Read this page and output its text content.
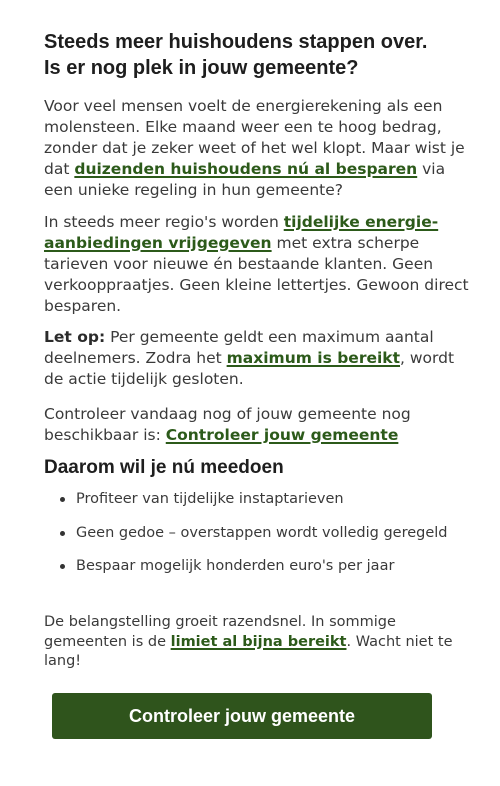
Steeds meer huishoudens stappen over.
Is er nog plek in jouw gemeente?

Voor veel mensen voelt de energierekening als een molensteen. Elke maand weer een te hoog bedrag, zonder dat je zeker weet of het wel klopt. Maar wist je dat duizenden huishoudens nú al besparen via een unieke regeling in hun gemeente?

In steeds meer regio's worden tijdelijke energie-aanbiedingen vrijgegeven met extra scherpe tarieven voor nieuwe én bestaande klanten. Geen verkooppraatjes. Geen kleine lettertjes. Gewoon direct besparen.

Let op: Per gemeente geldt een maximum aantal deelnemers. Zodra het maximum is bereikt, wordt de actie tijdelijk gesloten.

Controleer vandaag nog of jouw gemeente nog beschikbaar is: Controleer jouw gemeente

Daarom wil je nú meedoen
Profiteer van tijdelijke instaptarieven
Geen gedoe – overstappen wordt volledig geregeld
Bespaar mogelijk honderden euro's per jaar

De belangstelling groeit razendsnel. In sommige gemeenten is de limiet al bijna bereikt. Wacht niet te lang!

Controleer jouw gemeente
